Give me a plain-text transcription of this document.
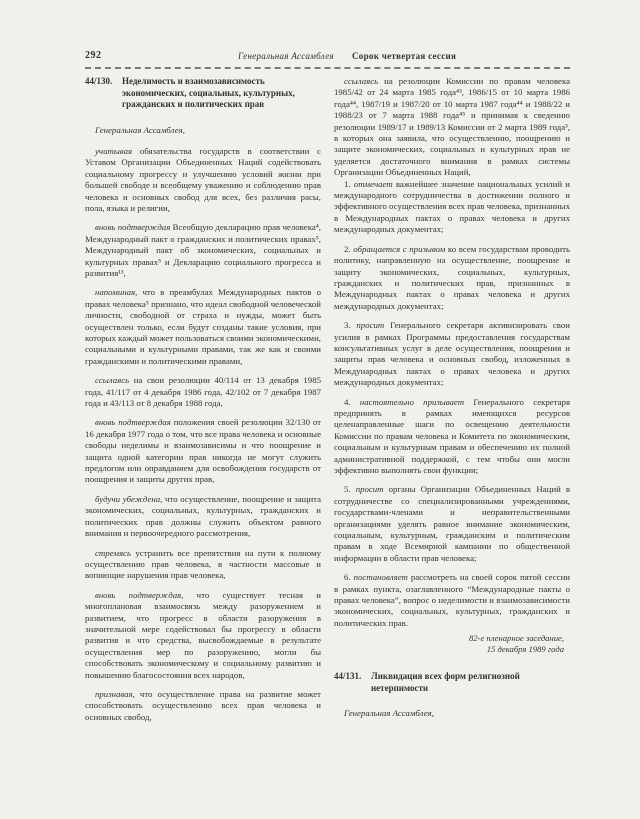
292	Генеральная Ассамблея Сорок четвертая сессия
44/130.	Неделимость и взаимозависимость экономических, социальных, культурных, гражданских и политических прав
Генеральная Ассамблея,

учитывая обязательства государств в соответствии с Уставом Организации Объединенных Наций содействовать социальному прогрессу и улучшению условий жизни при большей свободе и всеобщему уважению и соблюдению прав человека и основных свобод для всех, без различия расы, пола, языка и религии,

вновь подтверждая Всеобщую декларацию прав человека⁴, Международный пакт о гражданских и политических правах⁵, Международный пакт об экономических, социальных и культурных правах⁵ и Декларацию социального прогресса и развития¹³,

напоминая, что в преамбулах Международных пактов о правах человека⁵ признано, что идеал свободной человеческой личности, свободной от страха и нужды, может быть осуществлен только, если будут созданы такие условия, при которых каждый может пользоваться своими экономическими, социальными и культурными правами, так же как и своими гражданскими и политическими правами,

ссылаясь на свои резолюции 40/114 от 13 декабря 1985 года, 41/117 от 4 декабря 1986 года, 42/102 от 7 декабря 1987 года и 43/113 от 8 декабря 1988 года,

вновь подтверждая положения своей резолюции 32/130 от 16 декабря 1977 года о том, что все права человека и основные свободы неделимы и взаимозависимы и что поощрение и защита одной категории прав никогда не могут служить предлогом или оправданием для освобождения государств от поощрения и защиты других прав,

будучи убеждена, что осуществление, поощрение и защита экономических, социальных, культурных, гражданских и политических прав должны служить объектом равного внимания и первоочередного рассмотрения,

стремясь устранить все препятствия на пути к полному осуществлению прав человека, в частности массовые и вопиющие нарушения прав человека,

вновь подтверждая, что существует тесная и многоплановая взаимосвязь между разоружением и развитием, что прогресс в области разоружения в значительной мере содействовал бы прогрессу в области развития и что средства, высвобождаемые в результате осуществления мер по разоружению, могли бы способствовать экономическому и социальному развитию и повышению благосостояния всех народов,

признавая, что осуществление права на развитие может способствовать осуществлению всех прав человека и основных свобод,

ссылаясь на резолюции Комиссии по правам человека 1985/42 от 24 марта 1985 года⁴³, 1986/15 от 10 марта 1986 года⁴⁴, 1987/19 и 1987/20 от 10 марта 1987 года⁴⁴ и 1988/22 и 1988/23 от 7 марта 1988 года⁴⁵ и принимая к сведению резолюции 1989/17 и 1989/13 Комиссии от 2 марта 1989 года³, в которых она заявила, что осуществлению, поощрению и защите экономических, социальных и культурных прав не уделяется достаточного внимания в рамках системы Организации Объединенных Наций,

1. отмечает важнейшее значение национальных усилий и международного сотрудничества в достижении полного и эффективного осуществления всех прав человека, признанных в Международных пактах о правах человека и других международных документах;

2. обращается с призывом ко всем государствам проводить политику, направленную на осуществление, поощрение и защиту экономических, социальных, культурных, гражданских и политических прав, признанных в Международных пактах о правах человека и других международных документах;

3. просит Генерального секретаря активизировать свои усилия в рамках Программы предоставления государствам консультативных услуг в деле осуществления, поощрения и защиты прав человека и основных свобод, изложенных в Международных пактах о правах человека и других международных документах;

4. настоятельно призывает Генерального секретаря предпринять в рамках имеющихся ресурсов целенаправленные шаги по освещению деятельности Комиссии по правам человека и Комитета по экономическим, социальным и культурным правам и обеспечению их полной административной поддержкой, с тем чтобы они могли эффективно выполнять свои функции;

5. просит органы Организации Объединенных Наций в сотрудничестве со специализированными учреждениями, государствами-членами и неправительственными организациями уделять равное внимание экономическим, социальным, культурным, гражданским и политическим правам в ходе Всемирной кампании по общественной информации в области прав человека;

6. постановляет рассмотреть на своей сорок пятой сессии в рамках пункта, озаглавленного “Международные пакты о правах человека”, вопрос о неделимости и взаимозависимости экономических, социальных, культурных, гражданских и политических прав.

82-е пленарное заседание,
15 декабря 1989 года
44/131.	Ликвидация всех форм религиозной нетерпимости
Генеральная Ассамблея,
